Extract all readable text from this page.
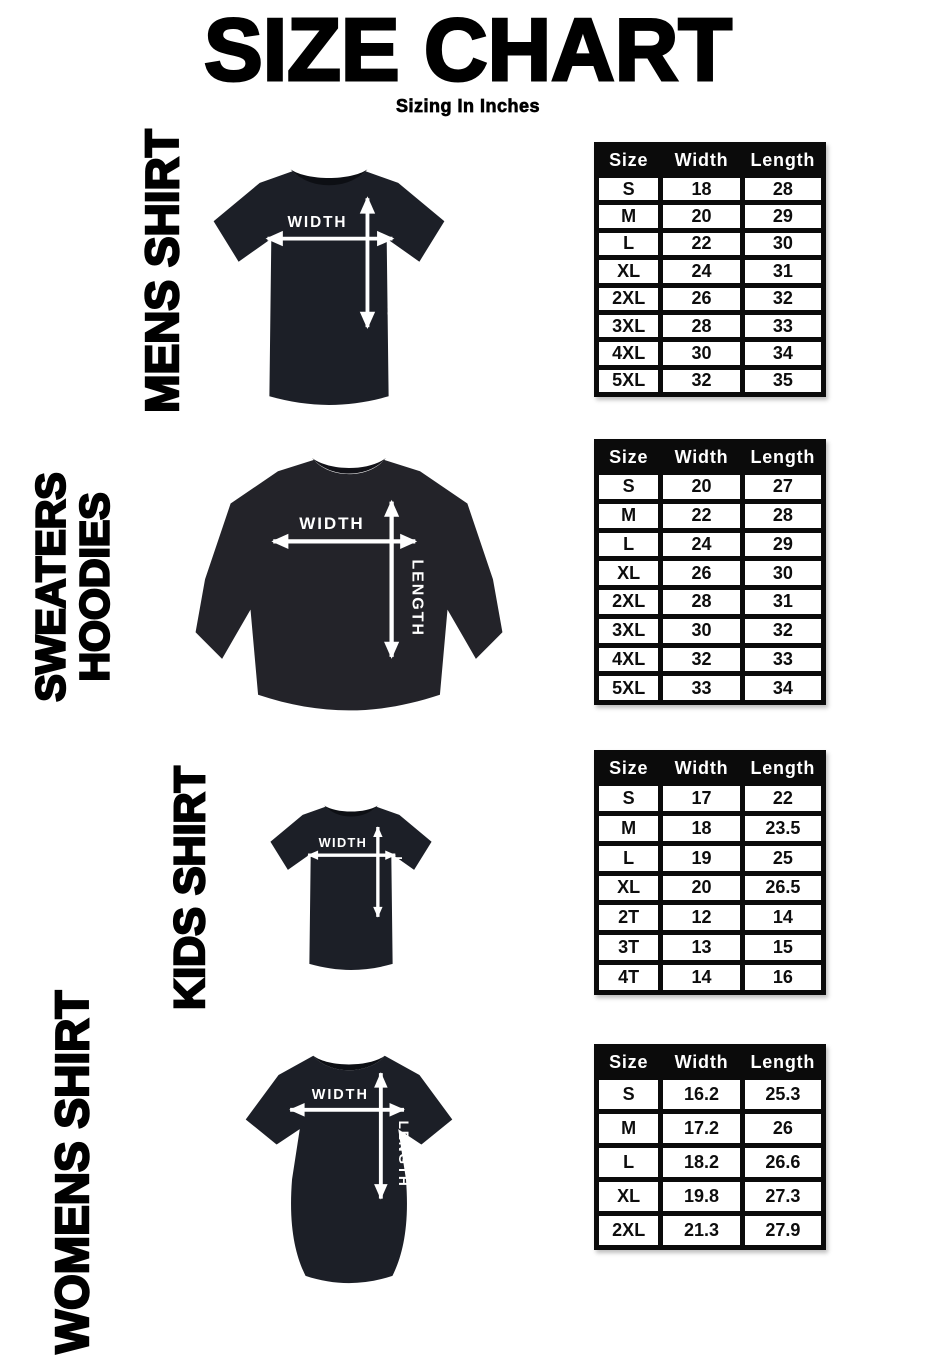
SIZE CHART
Sizing In Inches
MENS SHIRT	WIDTH
LENGTH
Size	Width	Length
S	18	28
M	20	29
L	22	30
XL	24	31
2XL	26	32
3XL	28	33
4XL	30	34
5XL	32	35
SWEATERS
HOODIES	WIDTH
LENGTH
Size	Width	Length
S	20	27
M	22	28
L	24	29
XL	26	30
2XL	28	31
3XL	30	32
4XL	32	33
5XL	33	34
KIDS SHIRT	WIDTH
LENGTH
Size	Width	Length
S	17	22
M	18	23.5
L	19	25
XL	20	26.5
2T	12	14
3T	13	15
4T	14	16
WOMENS SHIRT	WIDTH
LENGTH
Size	Width	Length
S	16.2	25.3
M	17.2	26
L	18.2	26.6
XL	19.8	27.3
2XL	21.3	27.9
